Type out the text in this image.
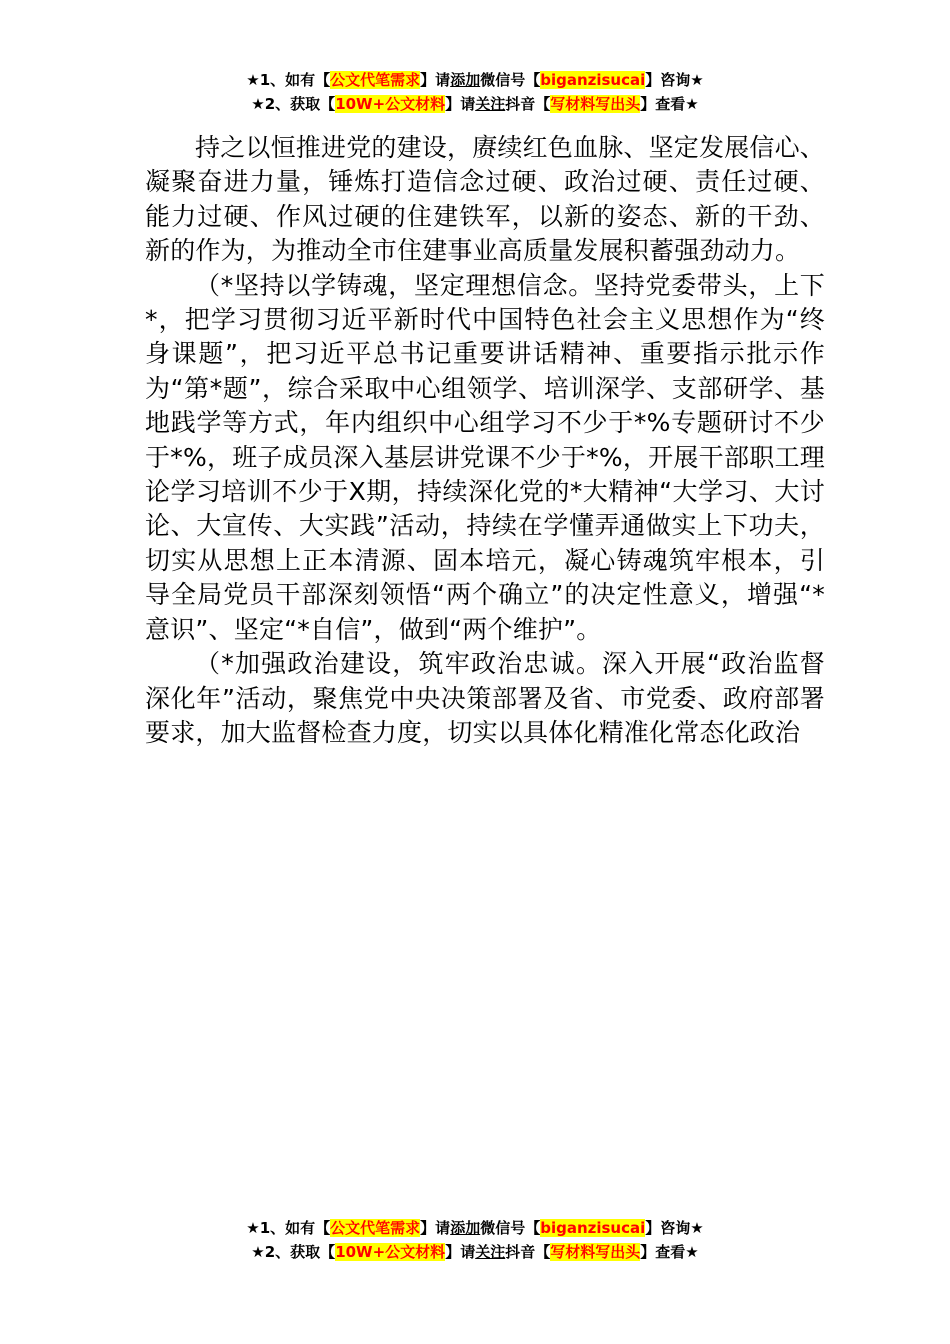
★1、如有【公文代笔需求】请添加微信号【biganzisucai】咨询★
★2、获取【10W+公文材料】请关注抖音【写材料写出头】查看★

持之以恒推进党的建设，赓续红色血脉、坚定发展信心、凝聚奋进力量，锤炼打造信念过硬、政治过硬、责任过硬、能力过硬、作风过硬的住建铁军，以新的姿态、新的干劲、新的作为，为推动全市住建事业高质量发展积蓄强劲动力。

（*坚持以学铸魂，坚定理想信念。坚持党委带头，上下*，把学习贯彻习近平新时代中国特色社会主义思想作为“终身课题”，把习近平总书记重要讲话精神、重要指示批示作为“第*题”，综合采取中心组领学、培训深学、支部研学、基地践学等方式，年内组织中心组学习不少于*%专题研讨不少于*%，班子成员深入基层讲党课不少于*%，开展干部职工理论学习培训不少于X期，持续深化党的*大精神“大学习、大讨论、大宣传、大实践”活动，持续在学懂弄通做实上下功夫，切实从思想上正本清源、固本培元，凝心铸魂筑牢根本，引导全局党员干部深刻领悟“两个确立”的决定性意义，增强“*意识”、坚定“*自信”，做到“两个维护”。

（*加强政治建设，筑牢政治忠诚。深入开展“政治监督深化年”活动，聚焦党中央决策部署及省、市党委、政府部署要求，加大监督检查力度，切实以具体化精准化常态化政治

★1、如有【公文代笔需求】请添加微信号【biganzisucai】咨询★
★2、获取【10W+公文材料】请关注抖音【写材料写出头】查看★
